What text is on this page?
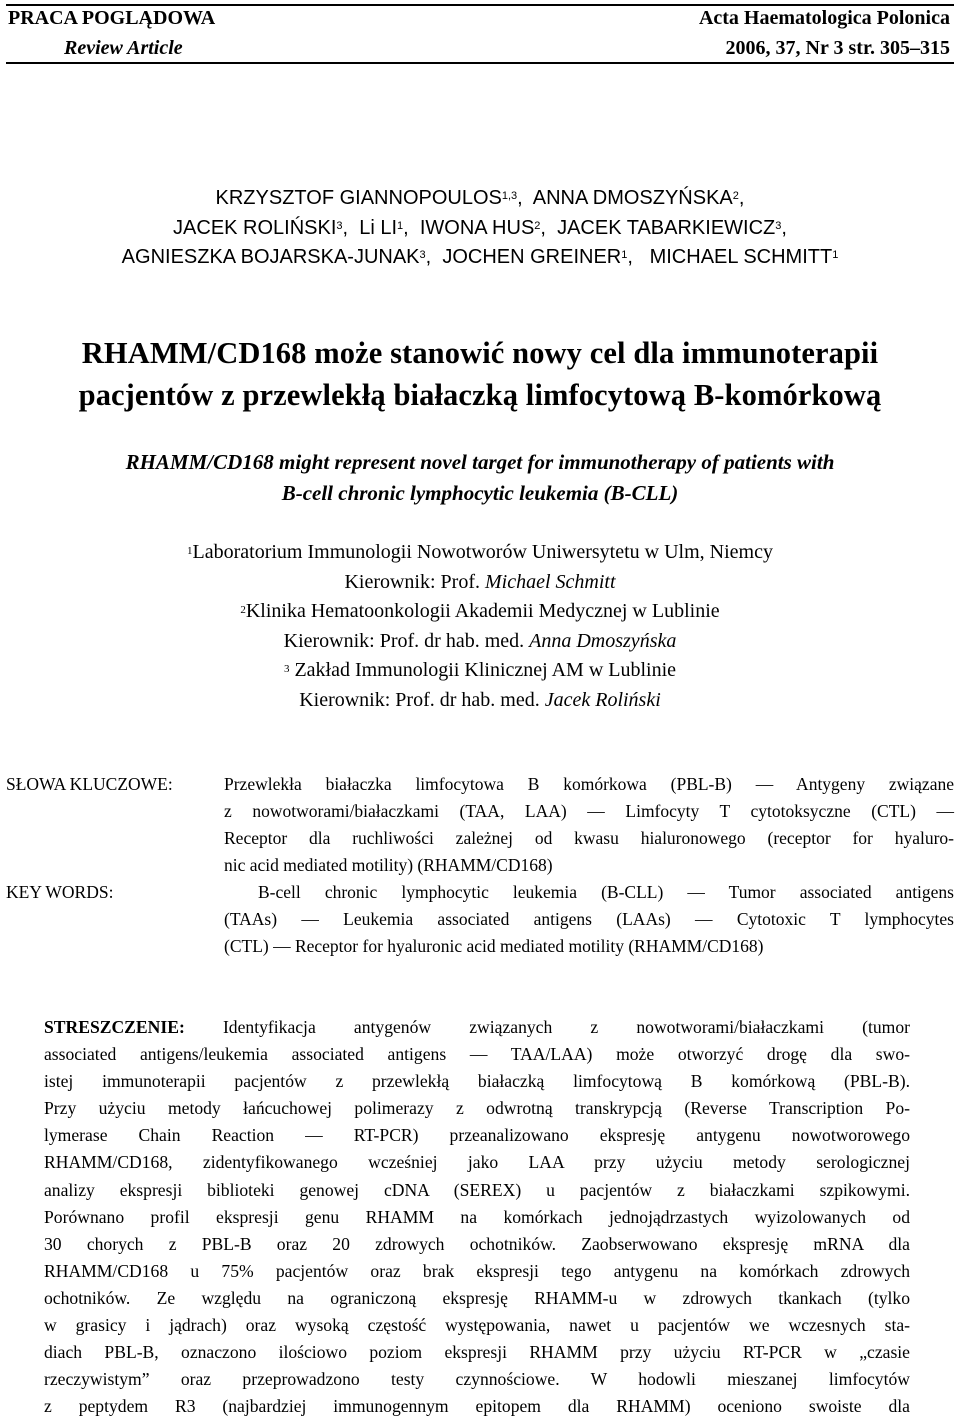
PRACA POGLĄDOWA	Acta Haematologica Polonica
Review Article	2006, 37, Nr 3 str. 305–315
KRZYSZTOF GIANNOPOULOS$^{1,3}$,  ANNA DMOSZYŃSKA$^2$,
JACEK ROLIŃSKI$^3$,  Li $LI^1$,  IWONA HUS$^2$,  JACEK TABARKIEWICZ$^3$,
AGNIESZKA BOJARSKA-JUNAK$^3$,  JOCHEN GREINER$^1$,   MICHAEL SCHMITT$^1$
RHAMM/CD168 może stanowić nowy cel dla immunoterapii
pacjentów z przewlekłą białaczką limfocytową B-komórkową
RHAMM/CD168 might represent novel target for immunotherapy of patients with
B-cell chronic lymphocytic leukemia (B-CLL)
$^1$Laboratorium Immunologii Nowotworów Uniwersytetu w Ulm, Niemcy
Kierownik: Prof. Michael Schmitt
$^2$Klinika Hematoonkologii Akademii Medycznej w Lublinie
Kierownik: Prof. dr hab. med. Anna Dmoszyńska
$^3$ Zakład Immunologii Klinicznej AM w Lublinie
Kierownik: Prof. dr hab. med. Jacek Roliński
SŁOWA KLUCZOWE:	Przewlekła białaczka limfocytowa B komórkowa (PBL-B) — Antygeny związane
z nowotworami/białaczkami (TAA, LAA) — Limfocyty T cytotoksyczne (CTL) —
Receptor dla ruchliwości zależnej od kwasu hialuronowego (receptor for hyaluro-
nic acid mediated motility) (RHAMM/CD168)
KEY WORDS:	B-cell chronic lymphocytic leukemia (B-CLL) — Tumor associated antigens
(TAAs) — Leukemia associated antigens (LAAs) — Cytotoxic T lymphocytes
(CTL) — Receptor for hyaluronic acid mediated motility (RHAMM/CD168)
STRESZCZENIE: Identyfikacja antygenów związanych z nowotworami/białaczkami (tumor
associated antigens/leukemia associated antigens — TAA/LAA) może otworzyć drogę dla swo-
istej immunoterapii pacjentów z przewlekłą białaczką limfocytową B komórkową (PBL-B).
Przy użyciu metody łańcuchowej polimerazy z odwrotną transkrypcją (Reverse Transcription Po-
lymerase Chain Reaction — RT-PCR) przeanalizowano ekspresję antygenu nowotworowego
RHAMM/CD168, zidentyfikowanego wcześniej jako LAA przy użyciu metody serologicznej
analizy ekspresji biblioteki genowej cDNA (SEREX) u pacjentów z białaczkami szpikowymi.
Porównano profil ekspresji genu RHAMM na komórkach jednojądrzastych wyizolowanych od
30 chorych z PBL-B oraz 20 zdrowych ochotników. Zaobserwowano ekspresję mRNA dla
RHAMM/CD168 u 75% pacjentów oraz brak ekspresji tego antygenu na komórkach zdrowych
ochotników. Ze względu na ograniczoną ekspresję RHAMM-u w zdrowych tkankach (tylko
w grasicy i jądrach) oraz wysoką częstość występowania, nawet u pacjentów we wczesnych sta-
diach PBL-B, oznaczono ilościowo poziom ekspresji RHAMM przy użyciu RT-PCR w „czasie
rzeczywistym” oraz przeprowadzono testy czynnościowe. W hodowli mieszanej limfocytów
z peptydem R3 (najbardziej immunogennym epitopem dla RHAMM) oceniono swoiste dla
